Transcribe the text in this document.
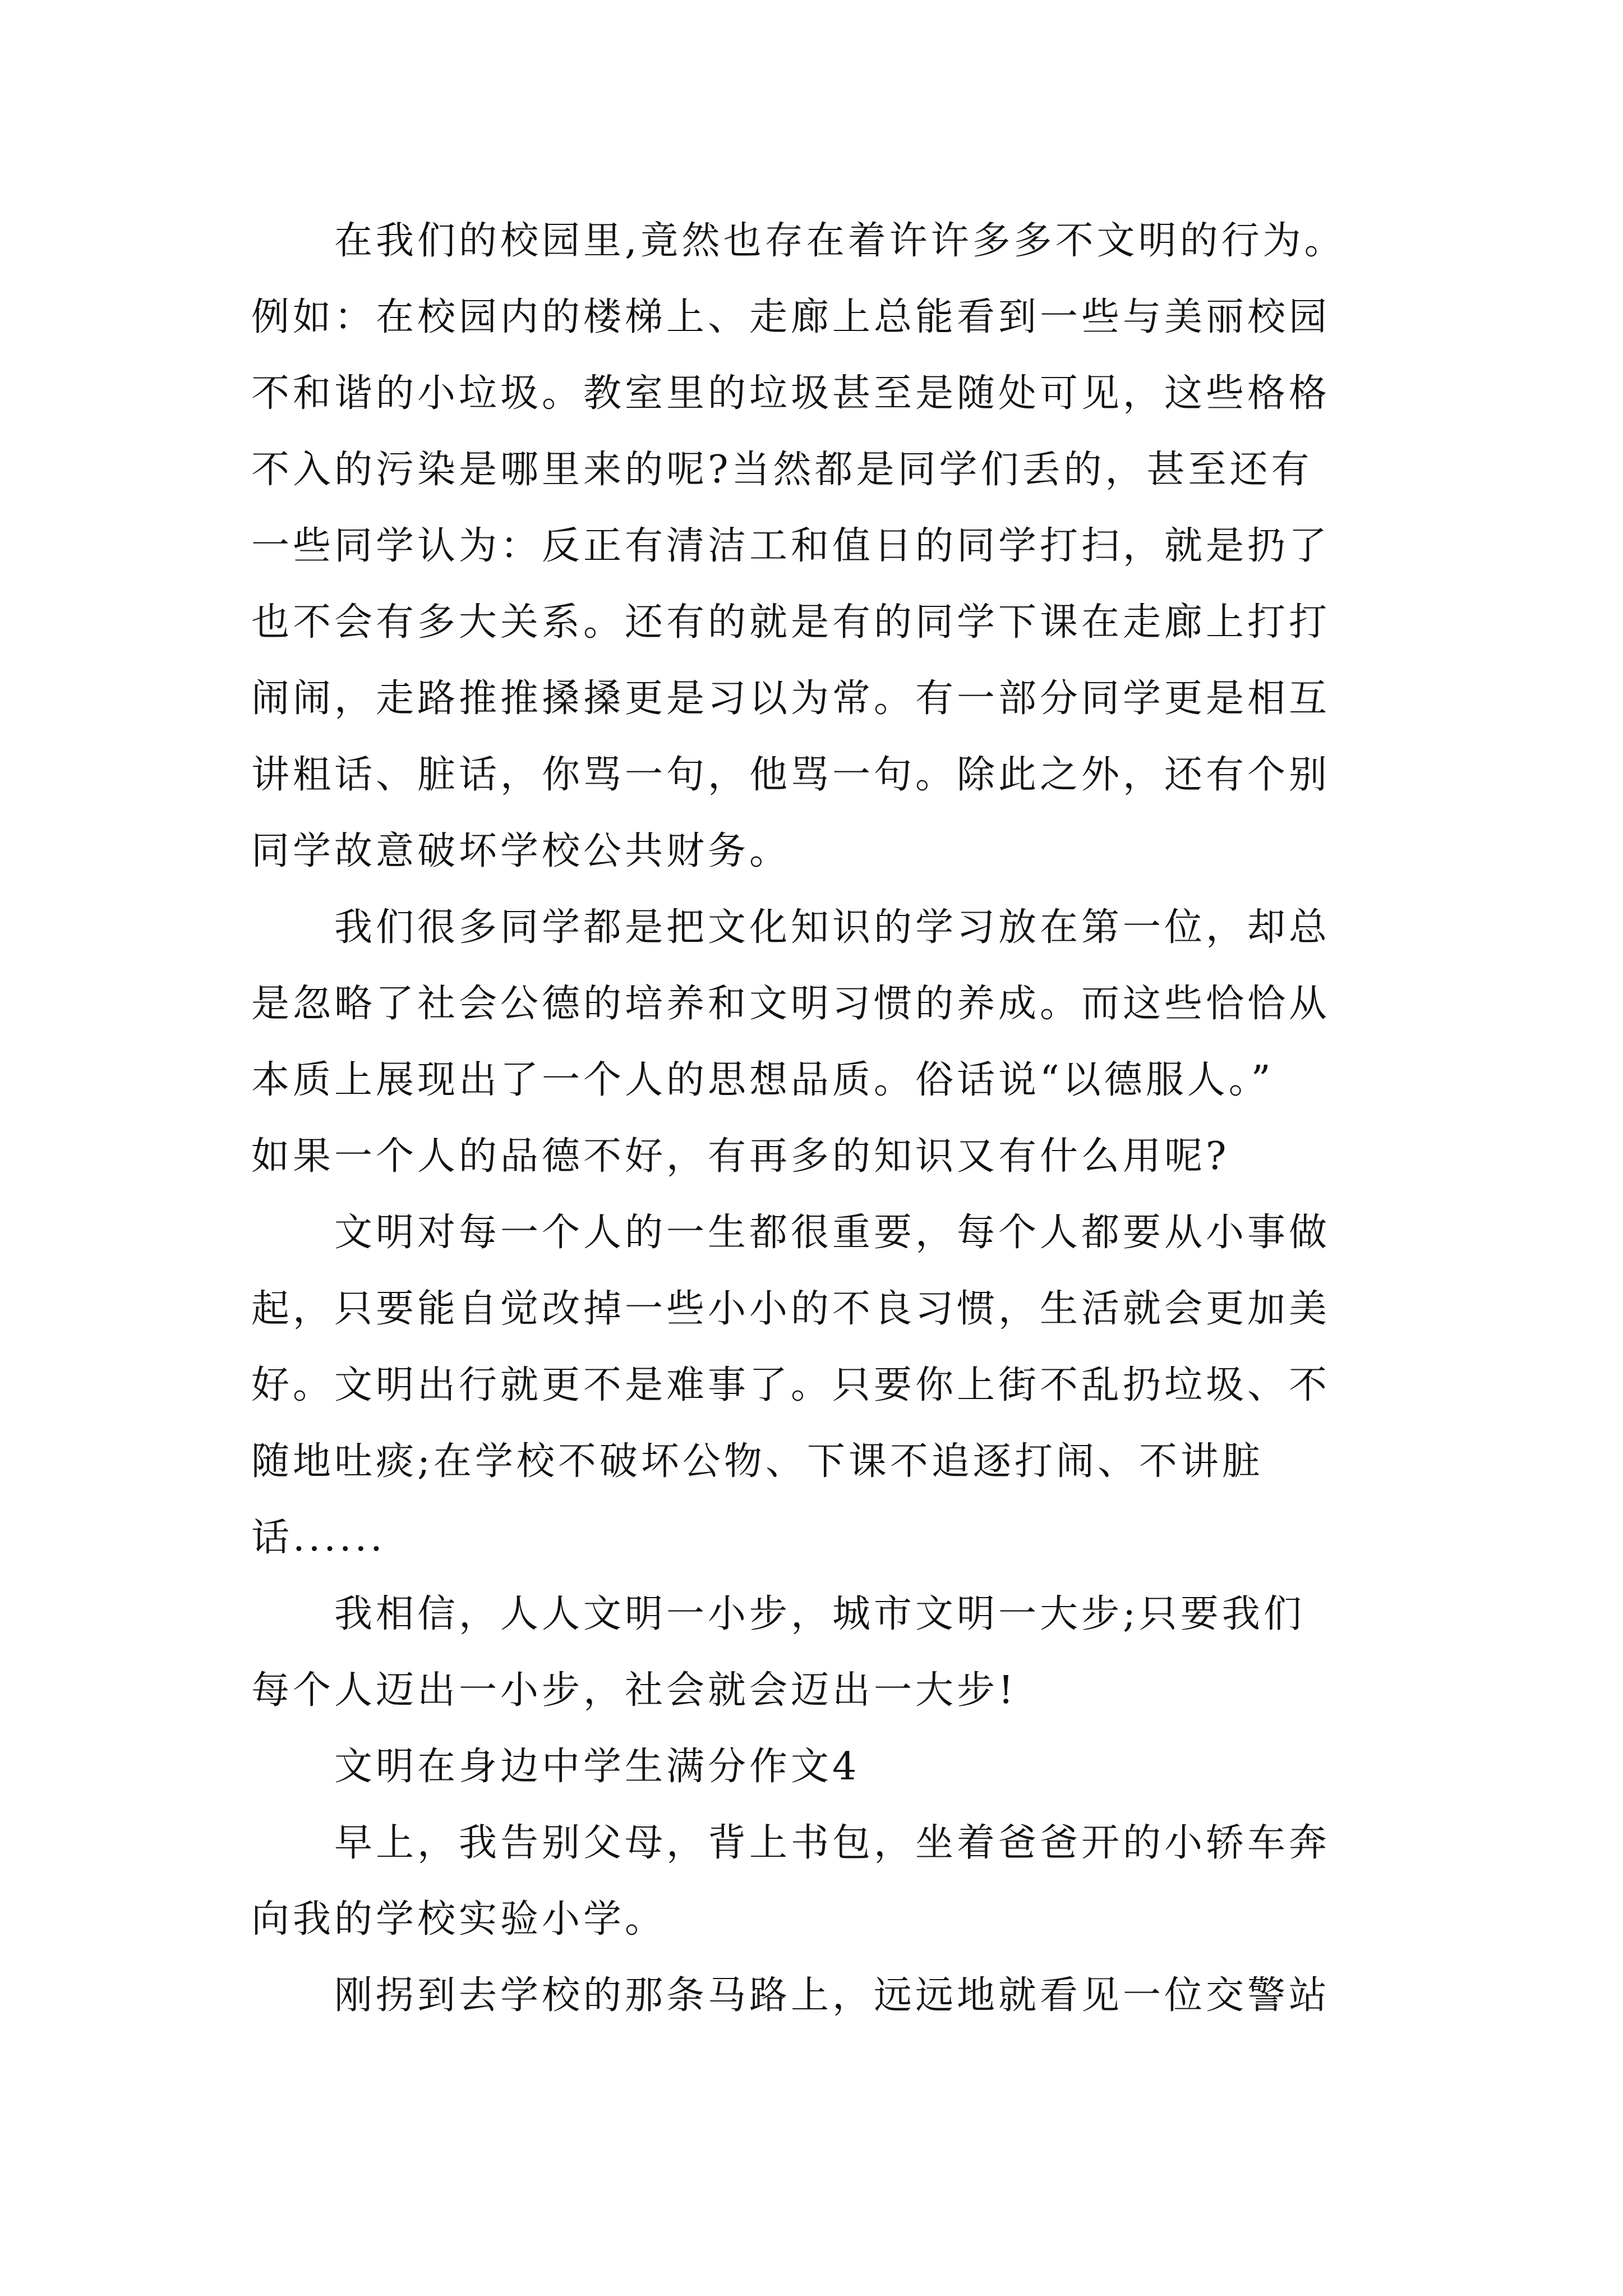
在我们的校园里,竟然也存在着许许多多不文明的行为。
例如：在校园内的楼梯上、走廊上总能看到一些与美丽校园
不和谐的小垃圾。教室里的垃圾甚至是随处可见，这些格格
不入的污染是哪里来的呢?当然都是同学们丢的，甚至还有
一些同学认为：反正有清洁工和值日的同学打扫，就是扔了
也不会有多大关系。还有的就是有的同学下课在走廊上打打
闹闹，走路推推搡搡更是习以为常。有一部分同学更是相互
讲粗话、脏话，你骂一句，他骂一句。除此之外，还有个别
同学故意破坏学校公共财务。
我们很多同学都是把文化知识的学习放在第一位，却总
是忽略了社会公德的培养和文明习惯的养成。而这些恰恰从
本质上展现出了一个人的思想品质。俗话说“以德服人。”
如果一个人的品德不好，有再多的知识又有什么用呢?
文明对每一个人的一生都很重要，每个人都要从小事做
起，只要能自觉改掉一些小小的不良习惯，生活就会更加美
好。文明出行就更不是难事了。只要你上街不乱扔垃圾、不
随地吐痰;在学校不破坏公物、下课不追逐打闹、不讲脏
话......
我相信，人人文明一小步，城市文明一大步;只要我们
每个人迈出一小步，社会就会迈出一大步!
文明在身边中学生满分作文4
早上，我告别父母，背上书包，坐着爸爸开的小轿车奔
向我的学校实验小学。
刚拐到去学校的那条马路上，远远地就看见一位交警站
